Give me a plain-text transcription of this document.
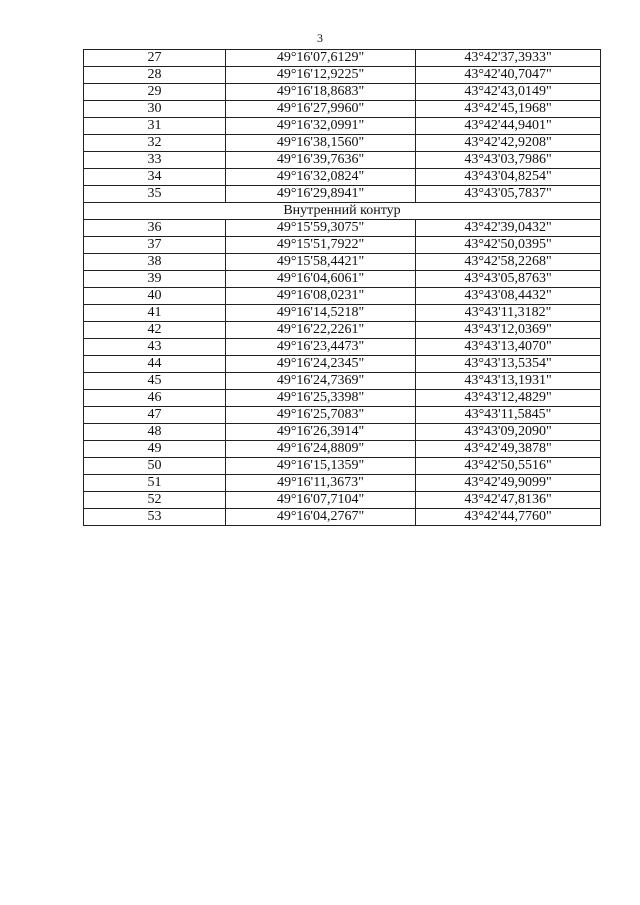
3
27	49°16'07,6129"	43°42'37,3933"
28	49°16'12,9225"	43°42'40,7047"
29	49°16'18,8683"	43°42'43,0149"
30	49°16'27,9960"	43°42'45,1968"
31	49°16'32,0991"	43°42'44,9401"
32	49°16'38,1560"	43°42'42,9208"
33	49°16'39,7636"	43°43'03,7986"
34	49°16'32,0824"	43°43'04,8254"
35	49°16'29,8941"	43°43'05,7837"
Внутренний контур		
36	49°15'59,3075"	43°42'39,0432"
37	49°15'51,7922"	43°42'50,0395"
38	49°15'58,4421"	43°42'58,2268"
39	49°16'04,6061"	43°43'05,8763"
40	49°16'08,0231"	43°43'08,4432"
41	49°16'14,5218"	43°43'11,3182"
42	49°16'22,2261"	43°43'12,0369"
43	49°16'23,4473"	43°43'13,4070"
44	49°16'24,2345"	43°43'13,5354"
45	49°16'24,7369"	43°43'13,1931"
46	49°16'25,3398"	43°43'12,4829"
47	49°16'25,7083"	43°43'11,5845"
48	49°16'26,3914"	43°43'09,2090"
49	49°16'24,8809"	43°42'49,3878"
50	49°16'15,1359"	43°42'50,5516"
51	49°16'11,3673"	43°42'49,9099"
52	49°16'07,7104"	43°42'47,8136"
53	49°16'04,2767"	43°42'44,7760"
